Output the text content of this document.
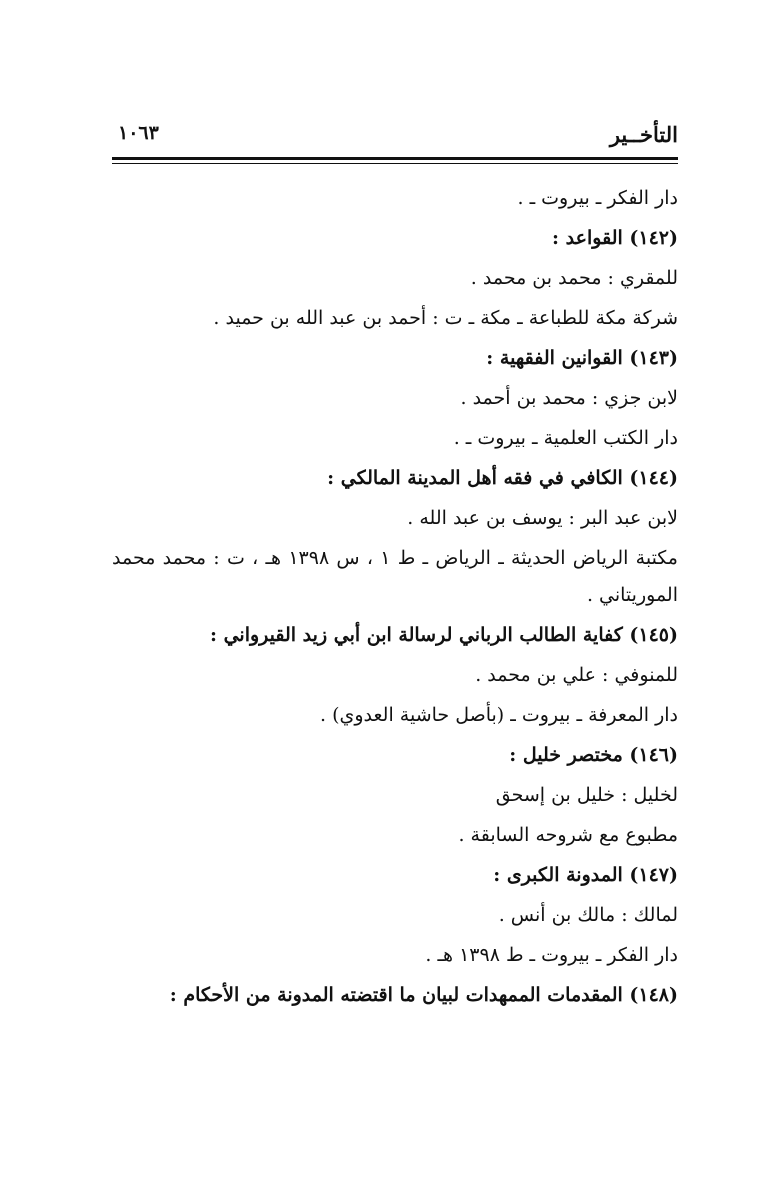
التأخــير
١٠٦٣
دار الفكر ـ بيروت ـ .
(١٤٢) القواعد :
للمقري : محمد بن محمد .
شركة مكة للطباعة ـ مكة ـ ت : أحمد بن عبد الله بن حميد .
(١٤٣) القوانين الفقهية :
لابن جزي : محمد بن أحمد .
دار الكتب العلمية ـ بيروت ـ .
(١٤٤) الكافي في فقه أهل المدينة المالكي :
لابن عبد البر : يوسف بن عبد الله .
مكتبة الرياض الحديثة ـ الرياض ـ ط ١ ، س ١٣٩٨ هـ ، ت : محمد محمد الموريتاني .
(١٤٥) كفاية الطالب الرباني لرسالة ابن أبي زيد القيرواني :
للمنوفي : علي بن محمد .
دار المعرفة ـ بيروت ـ (بأصل حاشية العدوي) .
(١٤٦) مختصر خليل :
لخليل : خليل بن إسحق
مطبوع مع شروحه السابقة .
(١٤٧) المدونة الكبرى :
لمالك : مالك بن أنس .
دار الفكر ـ بيروت ـ ط ١٣٩٨ هـ .
(١٤٨) المقدمات الممهدات لبيان ما اقتضته المدونة من الأحكام :
